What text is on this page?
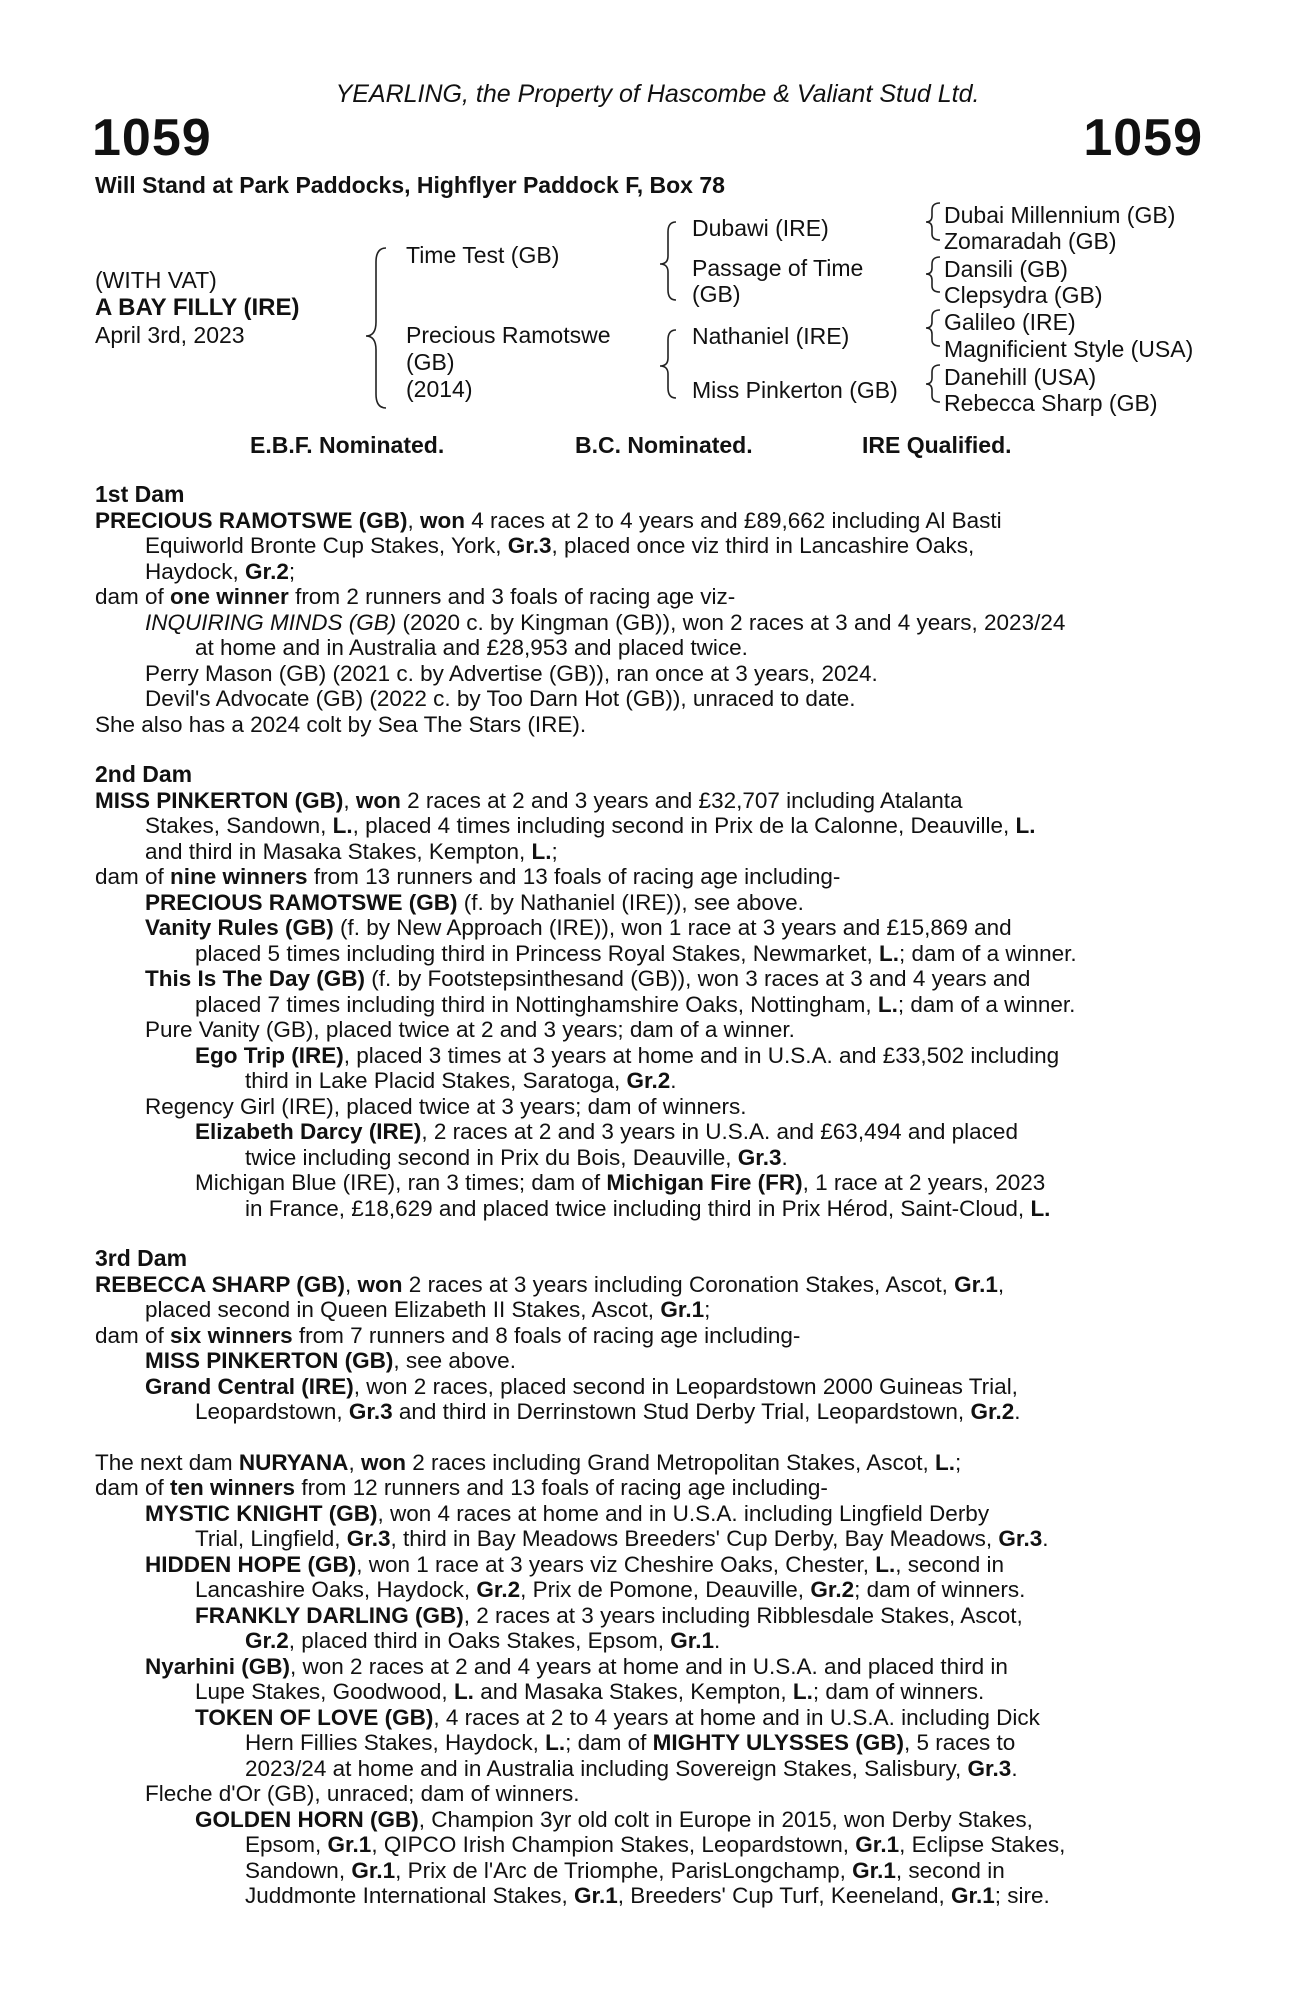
YEARLING, the Property of Hascombe & Valiant Stud Ltd.
1059	1059
Will Stand at Park Paddocks, Highflyer Paddock F, Box 78
(WITH VAT)
A BAY FILLY (IRE)
April 3rd, 2023
Time Test (GB)
Precious Ramotswe
(GB)
(2014)
Dubawi (IRE)
Passage of Time
(GB)
Nathaniel (IRE)
Miss Pinkerton (GB)
Dubai Millennium (GB)
Zomaradah (GB)
Dansili (GB)
Clepsydra (GB)
Galileo (IRE)
Magnificient Style (USA)
Danehill (USA)
Rebecca Sharp (GB)
E.B.F. Nominated.	B.C. Nominated.	IRE Qualified.
1st Dam
PRECIOUS RAMOTSWE (GB), won 4 races at 2 to 4 years and £89,662 including Al Basti
Equiworld Bronte Cup Stakes, York, Gr.3, placed once viz third in Lancashire Oaks,
Haydock, Gr.2;
dam of one winner from 2 runners and 3 foals of racing age viz-
INQUIRING MINDS (GB) (2020 c. by Kingman (GB)), won 2 races at 3 and 4 years, 2023/24
at home and in Australia and £28,953 and placed twice.
Perry Mason (GB) (2021 c. by Advertise (GB)), ran once at 3 years, 2024.
Devil's Advocate (GB) (2022 c. by Too Darn Hot (GB)), unraced to date.
She also has a 2024 colt by Sea The Stars (IRE).
2nd Dam
MISS PINKERTON (GB), won 2 races at 2 and 3 years and £32,707 including Atalanta
Stakes, Sandown, L., placed 4 times including second in Prix de la Calonne, Deauville, L.
and third in Masaka Stakes, Kempton, L.;
dam of nine winners from 13 runners and 13 foals of racing age including-
PRECIOUS RAMOTSWE (GB) (f. by Nathaniel (IRE)), see above.
Vanity Rules (GB) (f. by New Approach (IRE)), won 1 race at 3 years and £15,869 and
placed 5 times including third in Princess Royal Stakes, Newmarket, L.; dam of a winner.
This Is The Day (GB) (f. by Footstepsinthesand (GB)), won 3 races at 3 and 4 years and
placed 7 times including third in Nottinghamshire Oaks, Nottingham, L.; dam of a winner.
Pure Vanity (GB), placed twice at 2 and 3 years; dam of a winner.
Ego Trip (IRE), placed 3 times at 3 years at home and in U.S.A. and £33,502 including
third in Lake Placid Stakes, Saratoga, Gr.2.
Regency Girl (IRE), placed twice at 3 years; dam of winners.
Elizabeth Darcy (IRE), 2 races at 2 and 3 years in U.S.A. and £63,494 and placed
twice including second in Prix du Bois, Deauville, Gr.3.
Michigan Blue (IRE), ran 3 times; dam of Michigan Fire (FR), 1 race at 2 years, 2023
in France, £18,629 and placed twice including third in Prix Hérod, Saint-Cloud, L.
3rd Dam
REBECCA SHARP (GB), won 2 races at 3 years including Coronation Stakes, Ascot, Gr.1,
placed second in Queen Elizabeth II Stakes, Ascot, Gr.1;
dam of six winners from 7 runners and 8 foals of racing age including-
MISS PINKERTON (GB), see above.
Grand Central (IRE), won 2 races, placed second in Leopardstown 2000 Guineas Trial,
Leopardstown, Gr.3 and third in Derrinstown Stud Derby Trial, Leopardstown, Gr.2.
The next dam NURYANA, won 2 races including Grand Metropolitan Stakes, Ascot, L.;
dam of ten winners from 12 runners and 13 foals of racing age including-
MYSTIC KNIGHT (GB), won 4 races at home and in U.S.A. including Lingfield Derby
Trial, Lingfield, Gr.3, third in Bay Meadows Breeders' Cup Derby, Bay Meadows, Gr.3.
HIDDEN HOPE (GB), won 1 race at 3 years viz Cheshire Oaks, Chester, L., second in
Lancashire Oaks, Haydock, Gr.2, Prix de Pomone, Deauville, Gr.2; dam of winners.
FRANKLY DARLING (GB), 2 races at 3 years including Ribblesdale Stakes, Ascot,
Gr.2, placed third in Oaks Stakes, Epsom, Gr.1.
Nyarhini (GB), won 2 races at 2 and 4 years at home and in U.S.A. and placed third in
Lupe Stakes, Goodwood, L. and Masaka Stakes, Kempton, L.; dam of winners.
TOKEN OF LOVE (GB), 4 races at 2 to 4 years at home and in U.S.A. including Dick
Hern Fillies Stakes, Haydock, L.; dam of MIGHTY ULYSSES (GB), 5 races to
2023/24 at home and in Australia including Sovereign Stakes, Salisbury, Gr.3.
Fleche d'Or (GB), unraced; dam of winners.
GOLDEN HORN (GB), Champion 3yr old colt in Europe in 2015, won Derby Stakes,
Epsom, Gr.1, QIPCO Irish Champion Stakes, Leopardstown, Gr.1, Eclipse Stakes,
Sandown, Gr.1, Prix de l'Arc de Triomphe, ParisLongchamp, Gr.1, second in
Juddmonte International Stakes, Gr.1, Breeders' Cup Turf, Keeneland, Gr.1; sire.
